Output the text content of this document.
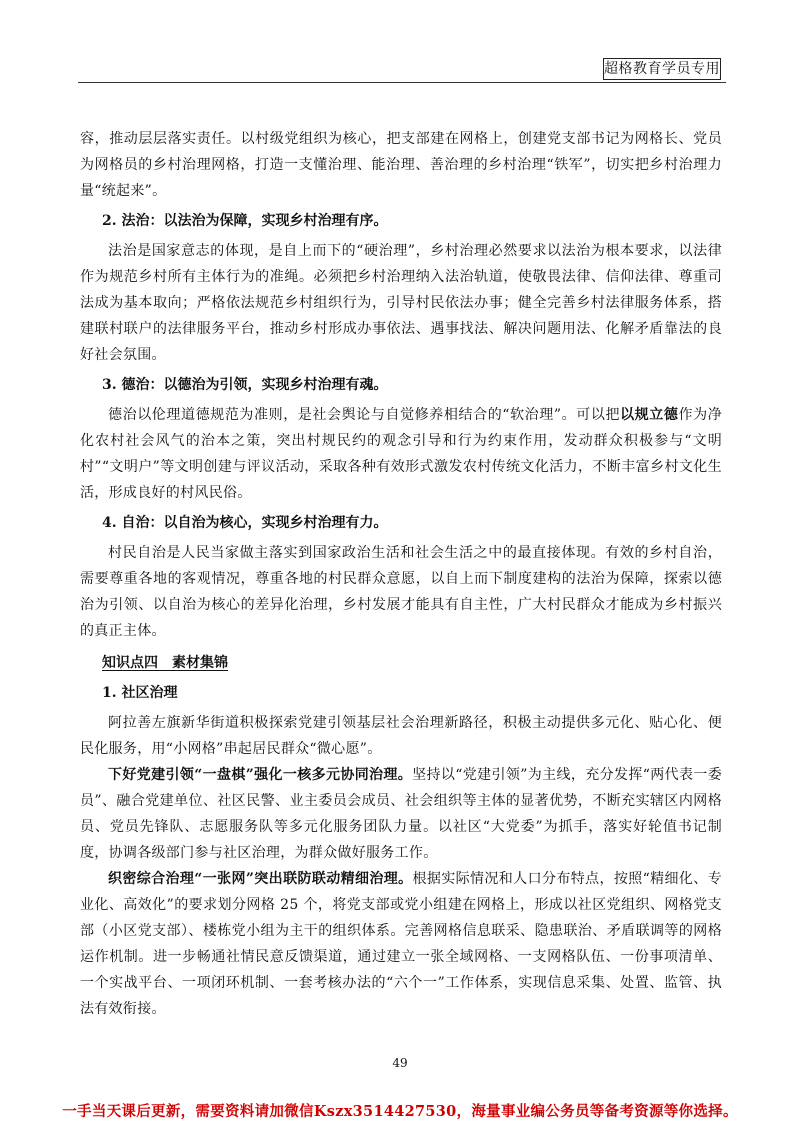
超格教育学员专用

容，推动层层落实责任。以村级党组织为核心，把支部建在网格上，创建党支部书记为网格长、党员为网格员的乡村治理网格，打造一支懂治理、能治理、善治理的乡村治理“铁军”，切实把乡村治理力量“统起来”。

2. 法治：以法治为保障，实现乡村治理有序。

法治是国家意志的体现，是自上而下的“硬治理”，乡村治理必然要求以法治为根本要求，以法律作为规范乡村所有主体行为的准绳。必须把乡村治理纳入法治轨道，使敬畏法律、信仰法律、尊重司法成为基本取向；严格依法规范乡村组织行为，引导村民依法办事；健全完善乡村法律服务体系，搭建联村联户的法律服务平台，推动乡村形成办事依法、遇事找法、解决问题用法、化解矛盾靠法的良好社会氛围。

3. 德治：以德治为引领，实现乡村治理有魂。

德治以伦理道德规范为准则，是社会舆论与自觉修养相结合的“软治理”。可以把以规立德作为净化农村社会风气的治本之策，突出村规民约的观念引导和行为约束作用，发动群众积极参与“文明村”“文明户”等文明创建与评议活动，采取各种有效形式激发农村传统文化活力，不断丰富乡村文化生活，形成良好的村风民俗。

4. 自治：以自治为核心，实现乡村治理有力。

村民自治是人民当家做主落实到国家政治生活和社会生活之中的最直接体现。有效的乡村自治，需要尊重各地的客观情况，尊重各地的村民群众意愿，以自上而下制度建构的法治为保障，探索以德治为引领、以自治为核心的差异化治理，乡村发展才能具有自主性，广大村民群众才能成为乡村振兴的真正主体。

知识点四　素材集锦

1. 社区治理

阿拉善左旗新华街道积极探索党建引领基层社会治理新路径，积极主动提供多元化、贴心化、便民化服务，用“小网格”串起居民群众“微心愿”。

下好党建引领“一盘棋”强化一核多元协同治理。坚持以“党建引领”为主线，充分发挥“两代表一委员”、融合党建单位、社区民警、业主委员会成员、社会组织等主体的显著优势，不断充实辖区内网格员、党员先锋队、志愿服务队等多元化服务团队力量。以社区“大党委”为抓手，落实好轮值书记制度，协调各级部门参与社区治理，为群众做好服务工作。

织密综合治理“一张网”突出联防联动精细治理。根据实际情况和人口分布特点，按照“精细化、专业化、高效化”的要求划分网格 25 个，将党支部或党小组建在网格上，形成以社区党组织、网格党支部（小区党支部）、楼栋党小组为主干的组织体系。完善网格信息联采、隐患联治、矛盾联调等的网格运作机制。进一步畅通社情民意反馈渠道，通过建立一张全域网格、一支网格队伍、一份事项清单、一个实战平台、一项闭环机制、一套考核办法的“六个一”工作体系，实现信息采集、处置、监管、执法有效衔接。

49
一手当天课后更新，需要资料请加微信Kszx3514427530，海量事业编公务员等备考资源等你选择。
